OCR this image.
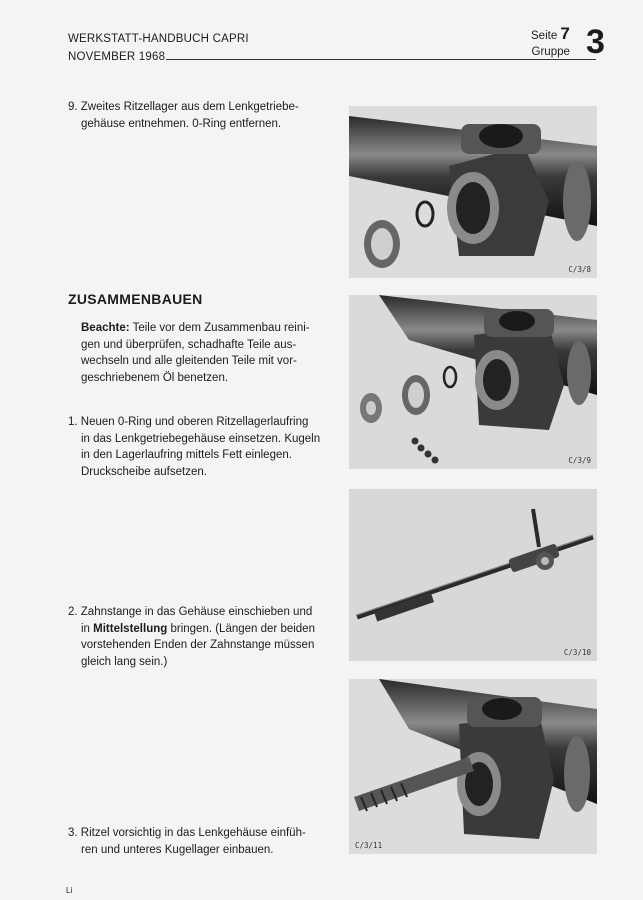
WERKSTATT-HANDBUCH CAPRI
NOVEMBER 1968
Seite 7
Gruppe 3
9. Zweites Ritzellager aus dem Lenkgetriebe-
gehäuse entnehmen. 0-Ring entfernen.
ZUSAMMENBAUEN
Beachte: Teile vor dem Zusammenbau reini-
gen und überprüfen, schadhafte Teile aus-
wechseln und alle gleitenden Teile mit vor-
geschriebenem Öl benetzen.
1. Neuen 0-Ring und oberen Ritzellagerlaufring
in das Lenkgetriebegehäuse einsetzen. Kugeln
in den Lagerlaufring mittels Fett einlegen.
Druckscheibe aufsetzen.
2. Zahnstange in das Gehäuse einschieben und
in Mittelstellung bringen. (Längen der beiden
vorstehenden Enden der Zahnstange müssen
gleich lang sein.)
3. Ritzel vorsichtig in das Lenkgehäuse einfüh-
ren und unteres Kugellager einbauen.
C/3/8
C/3/9
C/3/10
C/3/11
Li
